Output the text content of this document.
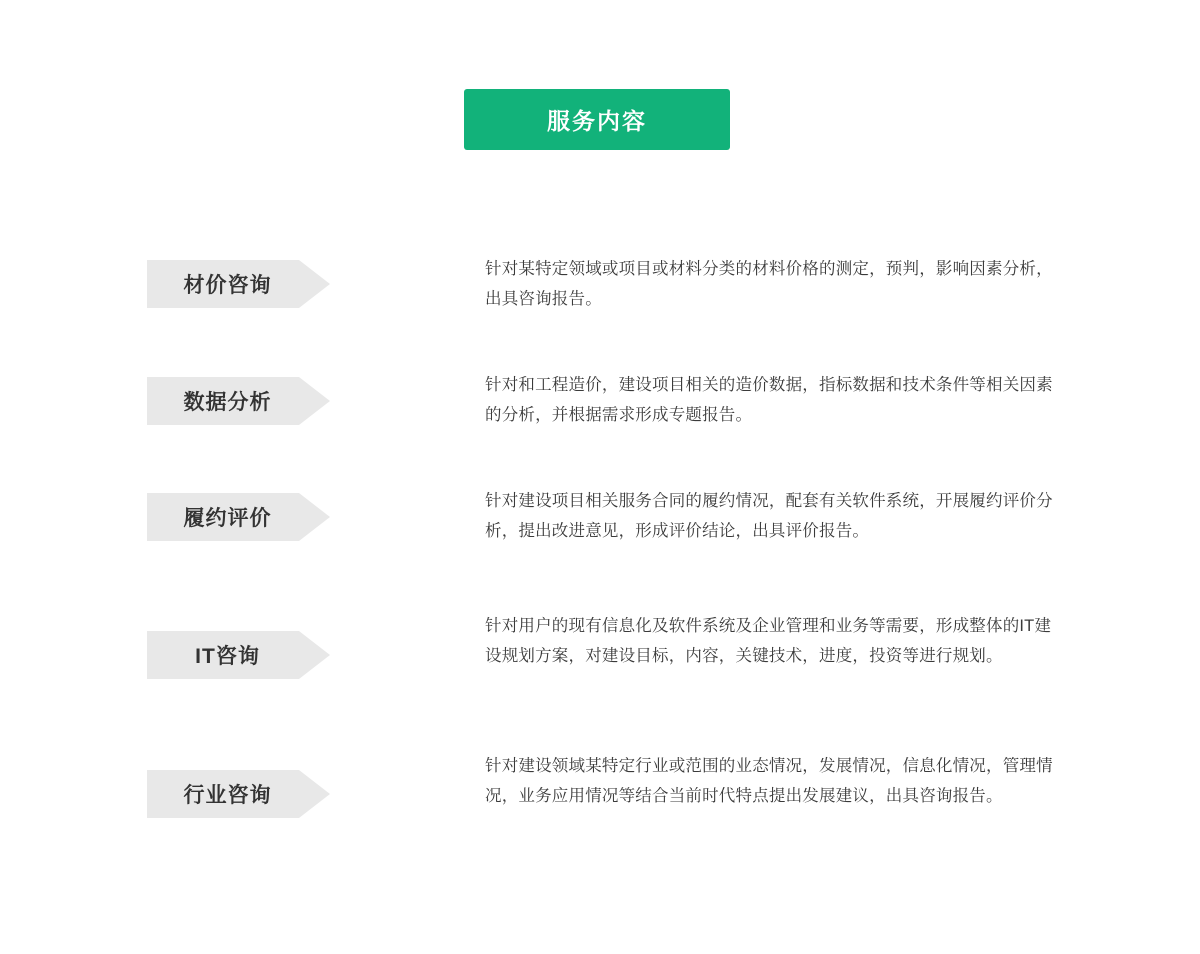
服务内容
材价咨询
针对某特定领域或项目或材料分类的材料价格的测定，预判，影响因素分析，出具咨询报告。
数据分析
针对和工程造价，建设项目相关的造价数据，指标数据和技术条件等相关因素的分析，并根据需求形成专题报告。
履约评价
针对建设项目相关服务合同的履约情况，配套有关软件系统，开展履约评价分析，提出改进意见，形成评价结论，出具评价报告。
IT咨询
针对用户的现有信息化及软件系统及企业管理和业务等需要，形成整体的IT建设规划方案，对建设目标，内容，关键技术，进度，投资等进行规划。
行业咨询
针对建设领域某特定行业或范围的业态情况，发展情况，信息化情况，管理情况，业务应用情况等结合当前时代特点提出发展建议，出具咨询报告。
